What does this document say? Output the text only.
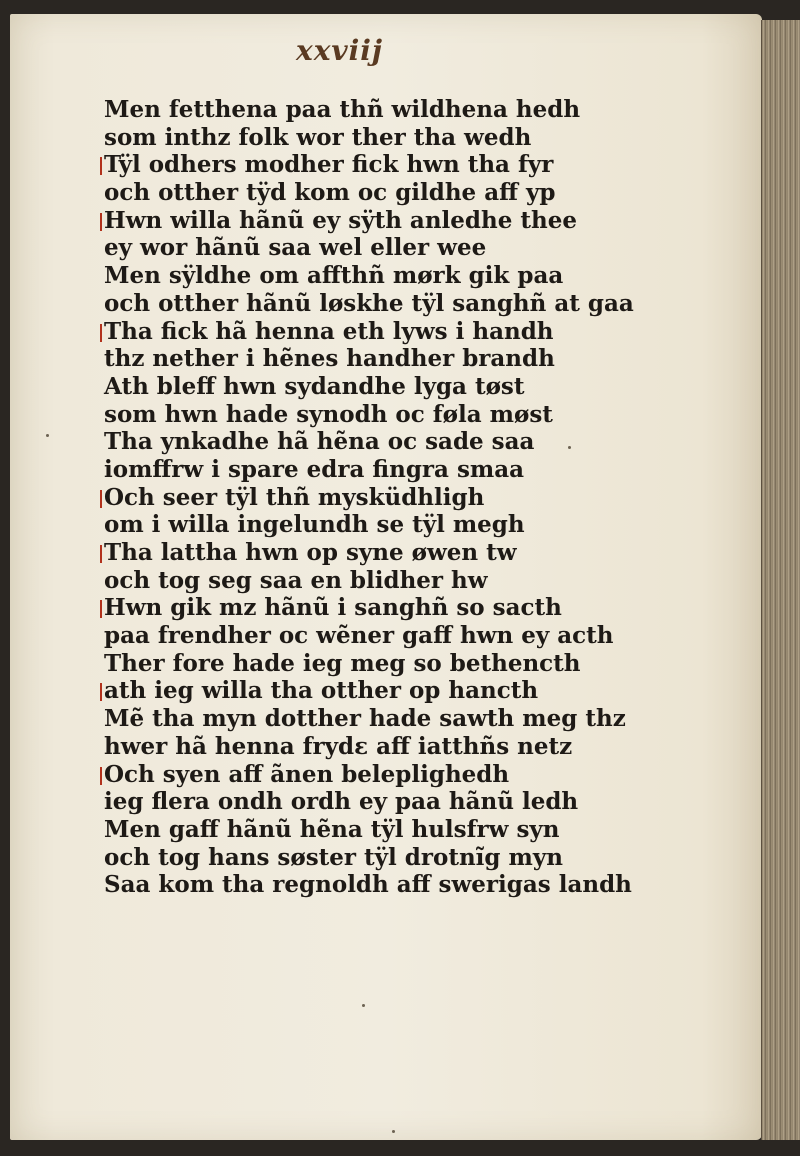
xxviij
Men fetthena paa thñ wildhena hedh
som inthz folk wor ther tha wedh
Tÿl odhers modher fick hwn tha fyr
och otther tÿd kom oc gildhe aff yp
Hwn willa hãnũ ey sÿth anledhe thee
ey wor hãnũ saa wel eller wee
Men sÿldhe om affthñ mørk gik paa
och otther hãnũ løskhe tÿl sanghñ at gaa
Tha fick hã henna eth lyws i handh
thz nether i hẽnes handher brandh
Ath bleff hwn sydandhe lyga tøst
som hwn hade synodh oc føla møst
Tha ynkadhe hã hẽna oc sade saa
iomffrw i spare edra fingra smaa
Och seer tÿl thñ mysküdhligh
om i willa ingelundh se tÿl megh
Tha lattha hwn op syne øwen tw
och tog seg saa en blidher hw
Hwn gik mz hãnũ i sanghñ so sacth
paa frendher oc wẽner gaff hwn ey acth
Ther fore hade ieg meg so bethencth
ath ieg willa tha otther op hancth
Mẽ tha myn dotther hade sawth meg thz
hwer hã henna frydε aff iatthñs netz
Och syen aff ãnen beleplighedh
ieg flera ondh ordh ey paa hãnũ ledh
Men gaff hãnũ hẽna tÿl hulsfrw syn
och tog hans søster tÿl drotnĩg myn
Saa kom tha regnoldh aff swerigas landh
